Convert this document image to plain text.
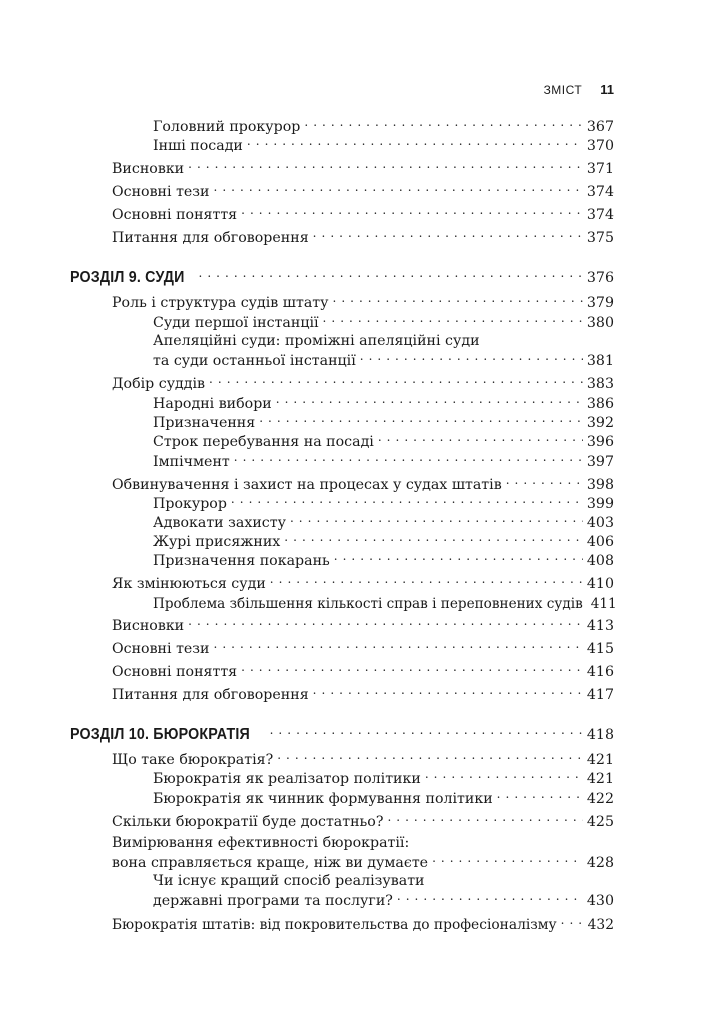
ЗМІСТ 11
Головний прокурор . . .	367
Інші посади . . .	370
Висновки . . .	371
Основні тези . . .	374
Основні поняття . . .	374
Питання для обговорення . . .	375
РОЗДІЛ 9. СУДИ . . .	376
Роль і структура судів штату . . .	379
Суди першої інстанції . . .	380
Апеляційні суди: проміжні апеляційні суди
та суди останньої інстанції . . .	381
Добір суддів . . .	383
Народні вибори . . .	386
Призначення . . .	392
Строк перебування на посаді . . .	396
Імпічмент . . .	397
Обвинувачення і захист на процесах у судах штатів . . .	398
Прокурор . . .	399
Адвокати захисту . . .	403
Журі присяжних . . .	406
Призначення покарань . . .	408
Як змінюються суди . . .	410
Проблема збільшення кількості справ і переповнених судів 411
Висновки . . .	413
Основні тези . . .	415
Основні поняття . . .	416
Питання для обговорення . . .	417
РОЗДІЛ 10. БЮРОКРАТІЯ . . .	418
Що таке бюрократія? . . .	421
Бюрократія як реалізатор політики . . .	421
Бюрократія як чинник формування політики . . .	422
Скільки бюрократії буде достатньо? . . .	425
Вимірювання ефективності бюрократії:
вона справляється краще, ніж ви думаєте . . .	428
Чи існує кращий спосіб реалізувати
державні програми та послуги? . . .	430
Бюрократія штатів: від покровительства до професіоналізму . . . 432
